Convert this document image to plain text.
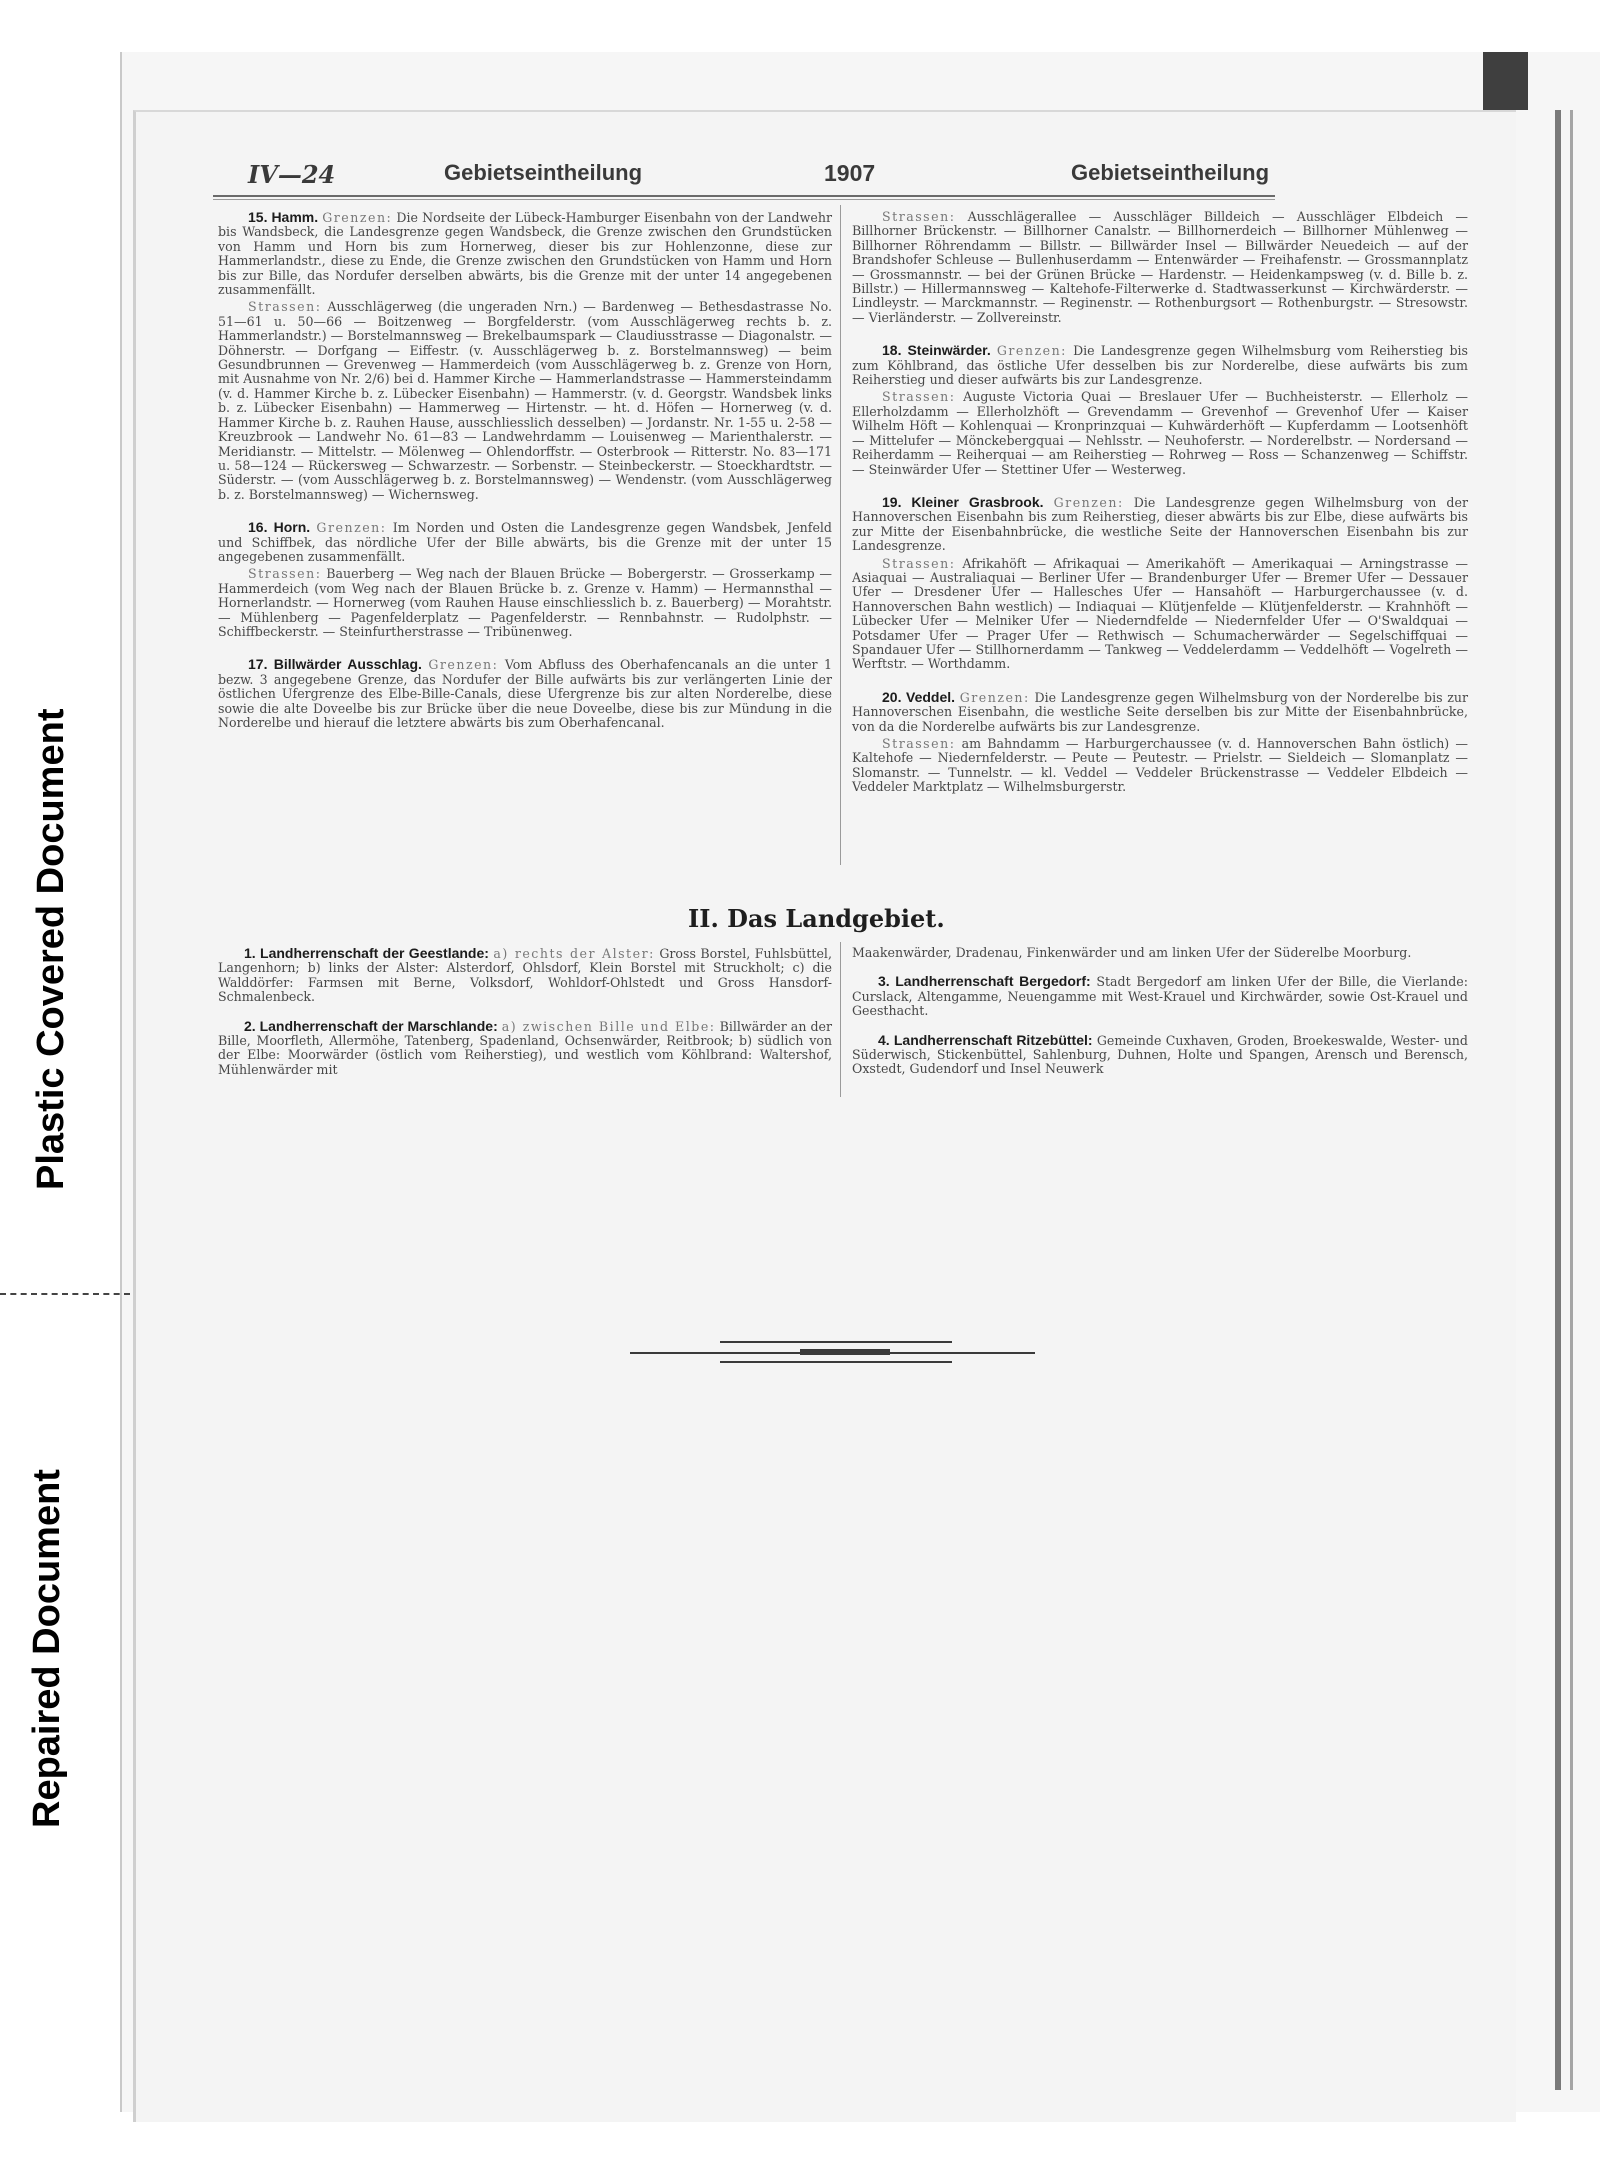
Plastic Covered Document
Repaired Document
IV—24	Gebietseintheilung	1907	Gebietseintheilung

15. Hamm. Grenzen: Die Nordseite der Lübeck-Hamburger Eisenbahn von der Landwehr bis Wandsbeck, die Landesgrenze gegen Wandsbeck, die Grenze zwischen den Grundstücken von Hamm und Horn bis zum Hornerweg, dieser bis zur Hohlenzonne, diese zur Hammerlandstr., diese zu Ende, die Grenze zwischen den Grundstücken von Hamm und Horn bis zur Bille, das Nordufer derselben abwärts, bis die Grenze mit der unter 14 angegebenen zusammenfällt.

Strassen: Ausschlägerweg (die ungeraden Nrn.) — Bardenweg — Bethesdastrasse No. 51—61 u. 50—66 — Boitzenweg — Borgfelderstr. (vom Ausschlägerweg rechts b. z. Hammerlandstr.) — Borstelmannsweg — Brekelbaumspark — Claudiusstrasse — Diagonalstr. — Döhnerstr. — Dorfgang — Eiffestr. (v. Ausschlägerweg b. z. Borstelmannsweg) — beim Gesundbrunnen — Grevenweg — Hammerdeich (vom Ausschlägerweg b. z. Grenze von Horn, mit Ausnahme von Nr. 2/6) bei d. Hammer Kirche — Hammerlandstrasse — Hammersteindamm (v. d. Hammer Kirche b. z. Lübecker Eisenbahn) — Hammerstr. (v. d. Georgstr. Wandsbek links b. z. Lübecker Eisenbahn) — Hammerweg — Hirtenstr. — ht. d. Höfen — Hornerweg (v. d. Hammer Kirche b. z. Rauhen Hause, ausschliesslich desselben) — Jordanstr. Nr. 1-55 u. 2-58 — Kreuzbrook — Landwehr No. 61—83 — Landwehrdamm — Louisenweg — Marienthalerstr. — Meridianstr. — Mittelstr. — Mölenweg — Ohlendorffstr. — Osterbrook — Ritterstr. No. 83—171 u. 58—124 — Rückersweg — Schwarzestr. — Sorbenstr. — Steinbeckerstr. — Stoeckhardtstr. — Süderstr. — (vom Ausschlägerweg b. z. Borstelmannsweg) — Wendenstr. (vom Ausschlägerweg b. z. Borstelmannsweg) — Wichernsweg.

16. Horn. Grenzen: Im Norden und Osten die Landesgrenze gegen Wandsbek, Jenfeld und Schiffbek, das nördliche Ufer der Bille abwärts, bis die Grenze mit der unter 15 angegebenen zusammenfällt.

Strassen: Bauerberg — Weg nach der Blauen Brücke — Bobergerstr. — Grosserkamp — Hammerdeich (vom Weg nach der Blauen Brücke b. z. Grenze v. Hamm) — Hermannsthal — Hornerlandstr. — Hornerweg (vom Rauhen Hause einschliesslich b. z. Bauerberg) — Morahtstr. — Mühlenberg — Pagenfelderplatz — Pagenfelderstr. — Rennbahnstr. — Rudolphstr. — Schiffbeckerstr. — Steinfurtherstrasse — Tribünenweg.

17. Billwärder Ausschlag. Grenzen: Vom Abfluss des Oberhafencanals an die unter 1 bezw. 3 angegebene Grenze, das Nordufer der Bille aufwärts bis zur verlängerten Linie der östlichen Ufergrenze des Elbe-Bille-Canals, diese Ufergrenze bis zur alten Norderelbe, diese sowie die alte Doveelbe bis zur Brücke über die neue Doveelbe, diese bis zur Mündung in die Norderelbe und hierauf die letztere abwärts bis zum Oberhafencanal.

Strassen: Ausschlägerallee — Ausschläger Billdeich — Ausschläger Elbdeich — Billhorner Brückenstr. — Billhorner Canalstr. — Billhornerdeich — Billhorner Mühlenweg — Billhorner Röhrendamm — Billstr. — Billwärder Insel — Billwärder Neuedeich — auf der Brandshofer Schleuse — Bullenhuserdamm — Entenwärder — Freihafenstr. — Grossmannplatz — Grossmannstr. — bei der Grünen Brücke — Hardenstr. — Heidenkampsweg (v. d. Bille b. z. Billstr.) — Hillermannsweg — Kaltehofe-Filterwerke d. Stadtwasserkunst — Kirchwärderstr. — Lindleystr. — Marckmannstr. — Reginenstr. — Rothenburgsort — Rothenburgstr. — Stresowstr. — Vierländerstr. — Zollvereinstr.

18. Steinwärder. Grenzen: Die Landesgrenze gegen Wilhelmsburg vom Reiherstieg bis zum Köhlbrand, das östliche Ufer desselben bis zur Norderelbe, diese aufwärts bis zum Reiherstieg und dieser aufwärts bis zur Landesgrenze.

Strassen: Auguste Victoria Quai — Breslauer Ufer — Buchheisterstr. — Ellerholz — Ellerholzdamm — Ellerholzhöft — Grevendamm — Grevenhof — Grevenhof Ufer — Kaiser Wilhelm Höft — Kohlenquai — Kronprinzquai — Kuhwärderhöft — Kupferdamm — Lootsenhöft — Mittelufer — Mönckebergquai — Nehlsstr. — Neuhoferstr. — Norderelbstr. — Nordersand — Reiherdamm — Reiherquai — am Reiherstieg — Rohrweg — Ross — Schanzenweg — Schiffstr. — Steinwärder Ufer — Stettiner Ufer — Westerweg.

19. Kleiner Grasbrook. Grenzen: Die Landesgrenze gegen Wilhelmsburg von der Hannoverschen Eisenbahn bis zum Reiherstieg, dieser abwärts bis zur Elbe, diese aufwärts bis zur Mitte der Eisenbahnbrücke, die westliche Seite der Hannoverschen Eisenbahn bis zur Landesgrenze.

Strassen: Afrikahöft — Afrikaquai — Amerikahöft — Amerikaquai — Arningstrasse — Asiaquai — Australiaquai — Berliner Ufer — Brandenburger Ufer — Bremer Ufer — Dessauer Ufer — Dresdener Ufer — Hallesches Ufer — Hansahöft — Harburgerchaussee (v. d. Hannoverschen Bahn westlich) — Indiaquai — Klütjenfelde — Klütjenfelderstr. — Krahnhöft — Lübecker Ufer — Melniker Ufer — Niederndfelde — Niedernfelder Ufer — O'Swaldquai — Potsdamer Ufer — Prager Ufer — Rethwisch — Schumacherwärder — Segelschiffquai — Spandauer Ufer — Stillhornerdamm — Tankweg — Veddelerdamm — Veddelhöft — Vogelreth — Werftstr. — Worthdamm.

20. Veddel. Grenzen: Die Landesgrenze gegen Wilhelmsburg von der Norderelbe bis zur Hannoverschen Eisenbahn, die westliche Seite derselben bis zur Mitte der Eisenbahnbrücke, von da die Norderelbe aufwärts bis zur Landesgrenze.

Strassen: am Bahndamm — Harburgerchaussee (v. d. Hannoverschen Bahn östlich) — Kaltehofe — Niedernfelderstr. — Peute — Peutestr. — Prielstr. — Sieldeich — Slomanplatz — Slomanstr. — Tunnelstr. — kl. Veddel — Veddeler Brückenstrasse — Veddeler Elbdeich — Veddeler Marktplatz — Wilhelmsburgerstr.

II. Das Landgebiet.

1. Landherrenschaft der Geestlande: a) rechts der Alster: Gross Borstel, Fuhlsbüttel, Langenhorn; b) links der Alster: Alsterdorf, Ohlsdorf, Klein Borstel mit Struckholt; c) die Walddörfer: Farmsen mit Berne, Volksdorf, Wohldorf-Ohlstedt und Gross Hansdorf-Schmalenbeck.

2. Landherrenschaft der Marschlande: a) zwischen Bille und Elbe: Billwärder an der Bille, Moorfleth, Allermöhe, Tatenberg, Spadenland, Ochsenwärder, Reitbrook; b) südlich von der Elbe: Moorwärder (östlich vom Reiherstieg), und westlich vom Köhlbrand: Waltershof, Mühlenwärder mit

Maakenwärder, Dradenau, Finkenwärder und am linken Ufer der Süderelbe Moorburg.

3. Landherrenschaft Bergedorf: Stadt Bergedorf am linken Ufer der Bille, die Vierlande: Curslack, Altengamme, Neuengamme mit West-Krauel und Kirchwärder, sowie Ost-Krauel und Geesthacht.

4. Landherrenschaft Ritzebüttel: Gemeinde Cuxhaven, Groden, Broekeswalde, Wester- und Süderwisch, Stickenbüttel, Sahlenburg, Duhnen, Holte und Spangen, Arensch und Berensch, Oxstedt, Gudendorf und Insel Neuwerk
